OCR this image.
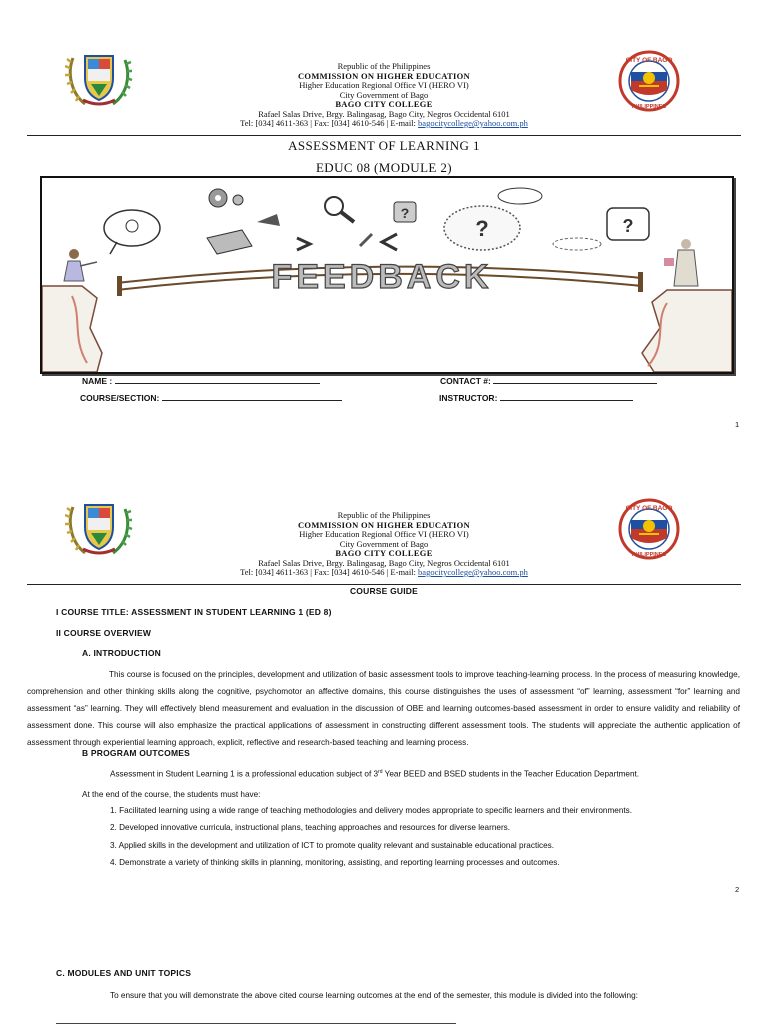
CITY OF BAGO
PHILIPPINES
Republic of the Philippines
COMMISSION ON HIGHER EDUCATION
Higher Education Regional Office VI (HERO VI)
City Government of Bago
BAGO CITY COLLEGE
Rafael Salas Drive, Brgy. Balingasag, Bago City, Negros Occidental 6101
Tel: [034] 4611-363 | Fax: [034] 4610-546 | E-mail: bagocitycollege@yahoo.com.ph
ASSESSMENT OF LEARNING 1
EDUC 08 (MODULE 2)
?	?
?
FEEDBACK
NAME :	CONTACT #:
COURSE/SECTION:	INSTRUCTOR:
1
CITY OF BAGO
PHILIPPINES
Republic of the Philippines
COMMISSION ON HIGHER EDUCATION
Higher Education Regional Office VI (HERO VI)
City Government of Bago
BAGO CITY COLLEGE
Rafael Salas Drive, Brgy. Balingasag, Bago City, Negros Occidental 6101
Tel: [034] 4611-363 | Fax: [034] 4610-546 | E-mail: bagocitycollege@yahoo.com.ph
COURSE GUIDE
I COURSE TITLE: ASSESSMENT IN STUDENT LEARNING 1 (ED 8)
II COURSE OVERVIEW
A. INTRODUCTION
This course is focused on the principles, development and utilization of basic assessment tools to improve teaching-learning process. In the process of measuring knowledge, comprehension and other thinking skills along the cognitive, psychomotor an affective domains, this course distinguishes the uses of assessment “of” learning, assessment “for” learning and assessment “as” learning. They will effectively blend measurement and evaluation in the discussion of OBE and learning outcomes-based assessment in order to ensure validity and reliability of assessment done. This course will also emphasize the practical applications of assessment in constructing different assessment tools. The students will appreciate the authentic application of assessment through experiential learning approach, explicit, reflective and research-based teaching and learning process.
B PROGRAM OUTCOMES
Assessment in Student Learning 1 is a professional education subject of 3rd Year BEED and BSED students in the Teacher Education Department.
At the end of the course, the students must have:
1. Facilitated learning using a wide range of teaching methodologies and delivery modes appropriate to specific learners and their environments.
2. Developed innovative curricula, instructional plans, teaching approaches and resources for diverse learners.
3. Applied skills in the development and utilization of ICT to promote quality relevant and sustainable educational practices.
4. Demonstrate a variety of thinking skills in planning, monitoring, assisting, and reporting learning processes and outcomes.
2
C. MODULES AND UNIT TOPICS
To ensure that you will demonstrate the above cited course learning outcomes at the end of the semester, this module is divided into the following:
